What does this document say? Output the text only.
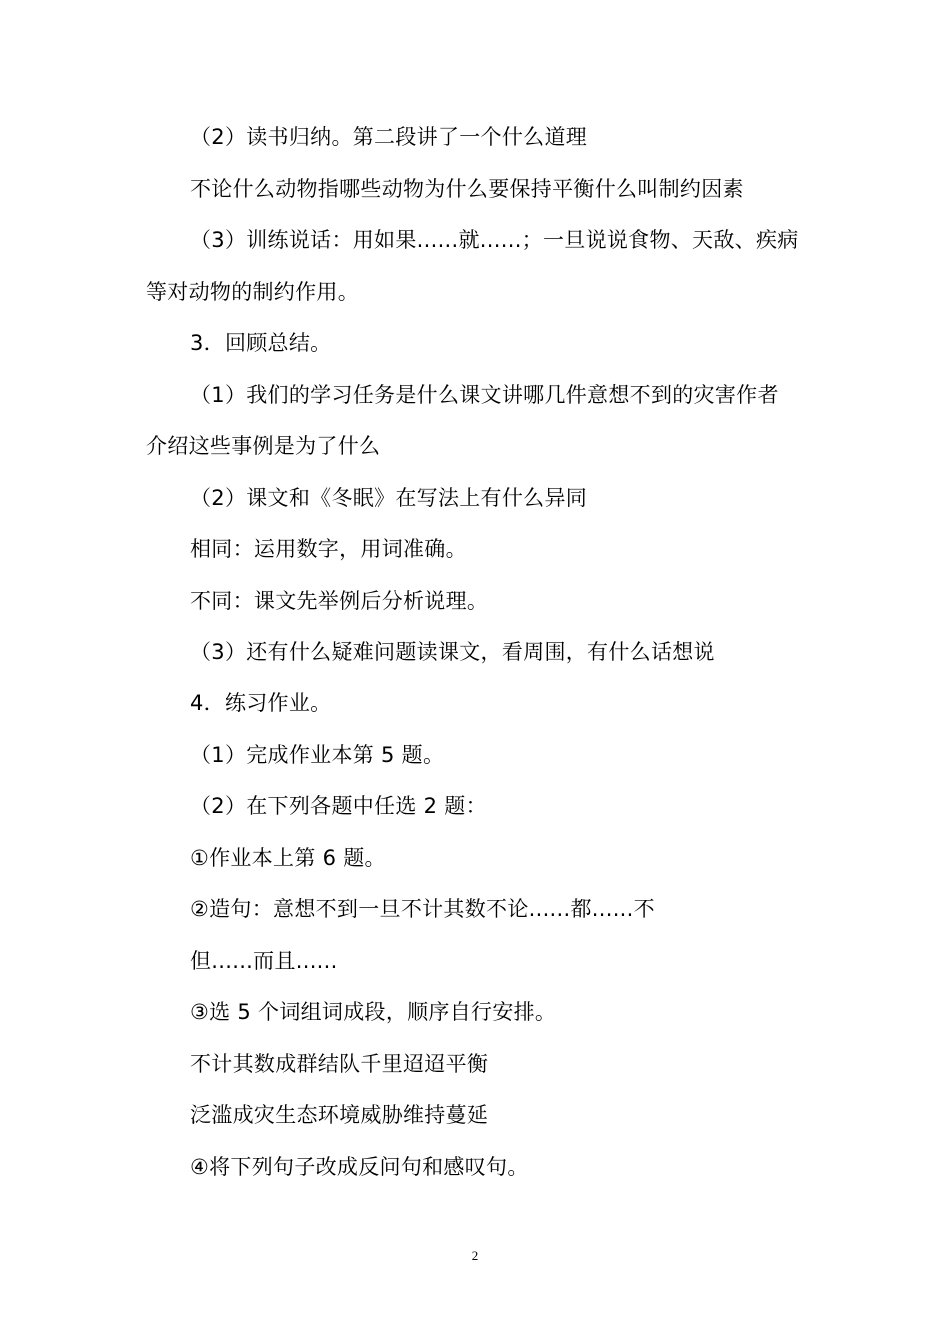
（2）读书归纳。第二段讲了一个什么道理
不论什么动物指哪些动物为什么要保持平衡什么叫制约因素
（3）训练说话：用如果......就......；一旦说说食物、天敌、疾病
等对动物的制约作用。
3．回顾总结。
（1）我们的学习任务是什么课文讲哪几件意想不到的灾害作者
介绍这些事例是为了什么
（2）课文和《冬眠》在写法上有什么异同
相同：运用数字，用词准确。
不同：课文先举例后分析说理。
（3）还有什么疑难问题读课文，看周围，有什么话想说
4．练习作业。
（1）完成作业本第 5 题。
（2）在下列各题中任选 2 题：
①作业本上第 6 题。
②造句：意想不到一旦不计其数不论......都......不
但......而且......
③选 5 个词组词成段，顺序自行安排。
不计其数成群结队千里迢迢平衡
泛滥成灾生态环境威胁维持蔓延
④将下列句子改成反问句和感叹句。
2
